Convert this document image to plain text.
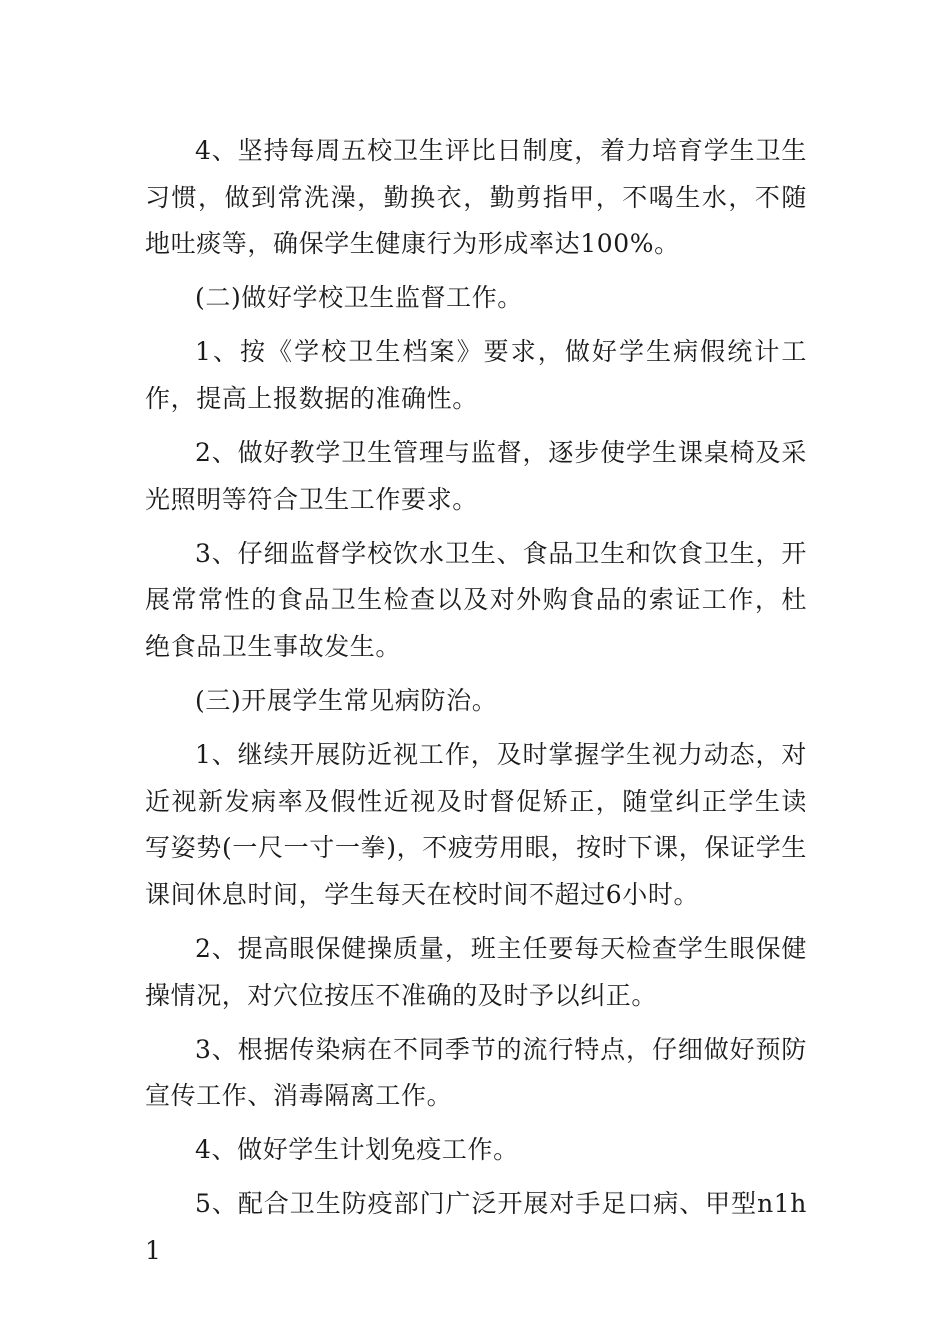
4、坚持每周五校卫生评比日制度，着力培育学生卫生习惯，做到常洗澡，勤换衣，勤剪指甲，不喝生水，不随地吐痰等，确保学生健康行为形成率达100%。

(二)做好学校卫生监督工作。

1、按《学校卫生档案》要求，做好学生病假统计工作，提高上报数据的准确性。

2、做好教学卫生管理与监督，逐步使学生课桌椅及采光照明等符合卫生工作要求。

3、仔细监督学校饮水卫生、食品卫生和饮食卫生，开展常常性的食品卫生检查以及对外购食品的索证工作，杜绝食品卫生事故发生。

(三)开展学生常见病防治。

1、继续开展防近视工作，及时掌握学生视力动态，对近视新发病率及假性近视及时督促矫正，随堂纠正学生读写姿势(一尺一寸一拳)，不疲劳用眼，按时下课，保证学生课间休息时间，学生每天在校时间不超过6小时。

2、提高眼保健操质量，班主任要每天检查学生眼保健操情况，对穴位按压不准确的及时予以纠正。

3、根据传染病在不同季节的流行特点，仔细做好预防宣传工作、消毒隔离工作。

4、做好学生计划免疫工作。

5、配合卫生防疫部门广泛开展对手足口病、甲型n1h1
